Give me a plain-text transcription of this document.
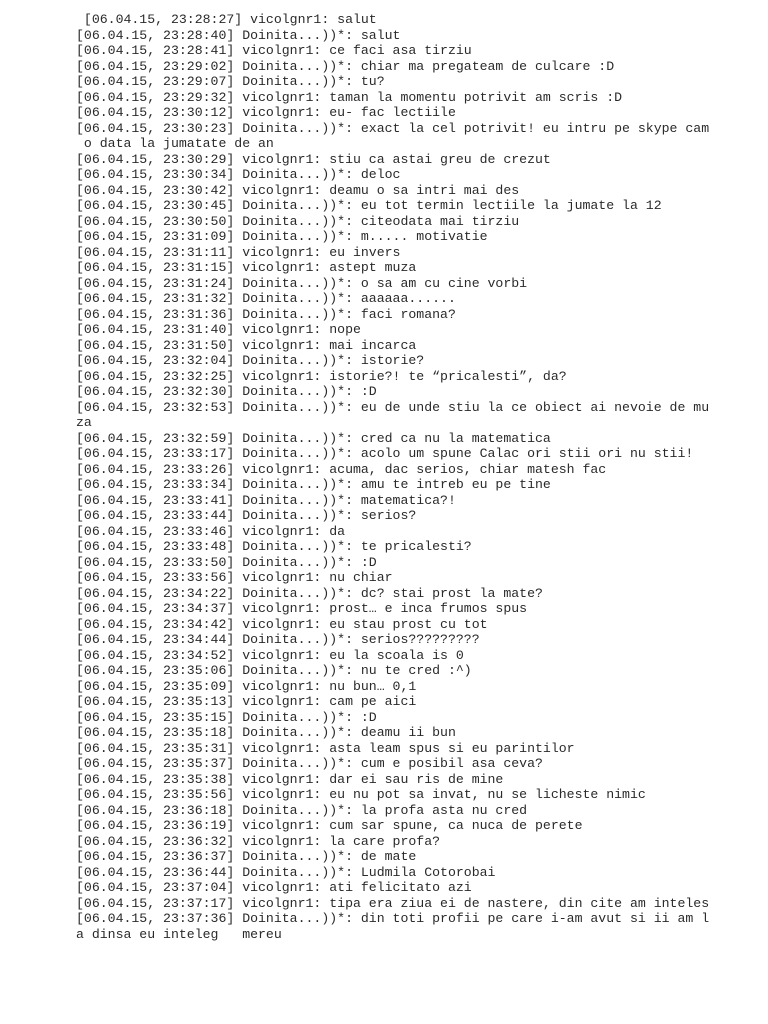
[06.04.15, 23:28:27] vicolgnr1: salut
[06.04.15, 23:28:40] Doinita...))*: salut
[06.04.15, 23:28:41] vicolgnr1: ce faci asa tirziu
[06.04.15, 23:29:02] Doinita...))*: chiar ma pregateam de culcare :D
[06.04.15, 23:29:07] Doinita...))*: tu?
[06.04.15, 23:29:32] vicolgnr1: taman la momentu potrivit am scris :D
[06.04.15, 23:30:12] vicolgnr1: eu- fac lectiile
[06.04.15, 23:30:23] Doinita...))*: exact la cel potrivit! eu intru pe skype cam
o data la jumatate de an
[06.04.15, 23:30:29] vicolgnr1: stiu ca astai greu de crezut
[06.04.15, 23:30:34] Doinita...))*: deloc
[06.04.15, 23:30:42] vicolgnr1: deamu o sa intri mai des
[06.04.15, 23:30:45] Doinita...))*: eu tot termin lectiile la jumate la 12
[06.04.15, 23:30:50] Doinita...))*: citeodata mai tirziu
[06.04.15, 23:31:09] Doinita...))*: m..... motivatie
[06.04.15, 23:31:11] vicolgnr1: eu invers
[06.04.15, 23:31:15] vicolgnr1: astept muza
[06.04.15, 23:31:24] Doinita...))*: o sa am cu cine vorbi
[06.04.15, 23:31:32] Doinita...))*: aaaaaa......
[06.04.15, 23:31:36] Doinita...))*: faci romana?
[06.04.15, 23:31:40] vicolgnr1: nope
[06.04.15, 23:31:50] vicolgnr1: mai incarca
[06.04.15, 23:32:04] Doinita...))*: istorie?
[06.04.15, 23:32:25] vicolgnr1: istorie?! te “pricalesti”, da?
[06.04.15, 23:32:30] Doinita...))*: :D
[06.04.15, 23:32:53] Doinita...))*: eu de unde stiu la ce obiect ai nevoie de mu
za
[06.04.15, 23:32:59] Doinita...))*: cred ca nu la matematica
[06.04.15, 23:33:17] Doinita...))*: acolo um spune Calac ori stii ori nu stii!
[06.04.15, 23:33:26] vicolgnr1: acuma, dac serios, chiar matesh fac
[06.04.15, 23:33:34] Doinita...))*: amu te intreb eu pe tine
[06.04.15, 23:33:41] Doinita...))*: matematica?!
[06.04.15, 23:33:44] Doinita...))*: serios?
[06.04.15, 23:33:46] vicolgnr1: da
[06.04.15, 23:33:48] Doinita...))*: te pricalesti?
[06.04.15, 23:33:50] Doinita...))*: :D
[06.04.15, 23:33:56] vicolgnr1: nu chiar
[06.04.15, 23:34:22] Doinita...))*: dc? stai prost la mate?
[06.04.15, 23:34:37] vicolgnr1: prost… e inca frumos spus
[06.04.15, 23:34:42] vicolgnr1: eu stau prost cu tot
[06.04.15, 23:34:44] Doinita...))*: serios?????????
[06.04.15, 23:34:52] vicolgnr1: eu la scoala is 0
[06.04.15, 23:35:06] Doinita...))*: nu te cred :^)
[06.04.15, 23:35:09] vicolgnr1: nu bun… 0,1
[06.04.15, 23:35:13] vicolgnr1: cam pe aici
[06.04.15, 23:35:15] Doinita...))*: :D
[06.04.15, 23:35:18] Doinita...))*: deamu ii bun
[06.04.15, 23:35:31] vicolgnr1: asta leam spus si eu parintilor
[06.04.15, 23:35:37] Doinita...))*: cum e posibil asa ceva?
[06.04.15, 23:35:38] vicolgnr1: dar ei sau ris de mine
[06.04.15, 23:35:56] vicolgnr1: eu nu pot sa invat, nu se licheste nimic
[06.04.15, 23:36:18] Doinita...))*: la profa asta nu cred
[06.04.15, 23:36:19] vicolgnr1: cum sar spune, ca nuca de perete
[06.04.15, 23:36:32] vicolgnr1: la care profa?
[06.04.15, 23:36:37] Doinita...))*: de mate
[06.04.15, 23:36:44] Doinita...))*: Ludmila Cotorobai
[06.04.15, 23:37:04] vicolgnr1: ati felicitato azi
[06.04.15, 23:37:17] vicolgnr1: tipa era ziua ei de nastere, din cite am inteles
[06.04.15, 23:37:36] Doinita...))*: din toti profii pe care i-am avut si ii am l
a dinsa eu inteleg   mereu
